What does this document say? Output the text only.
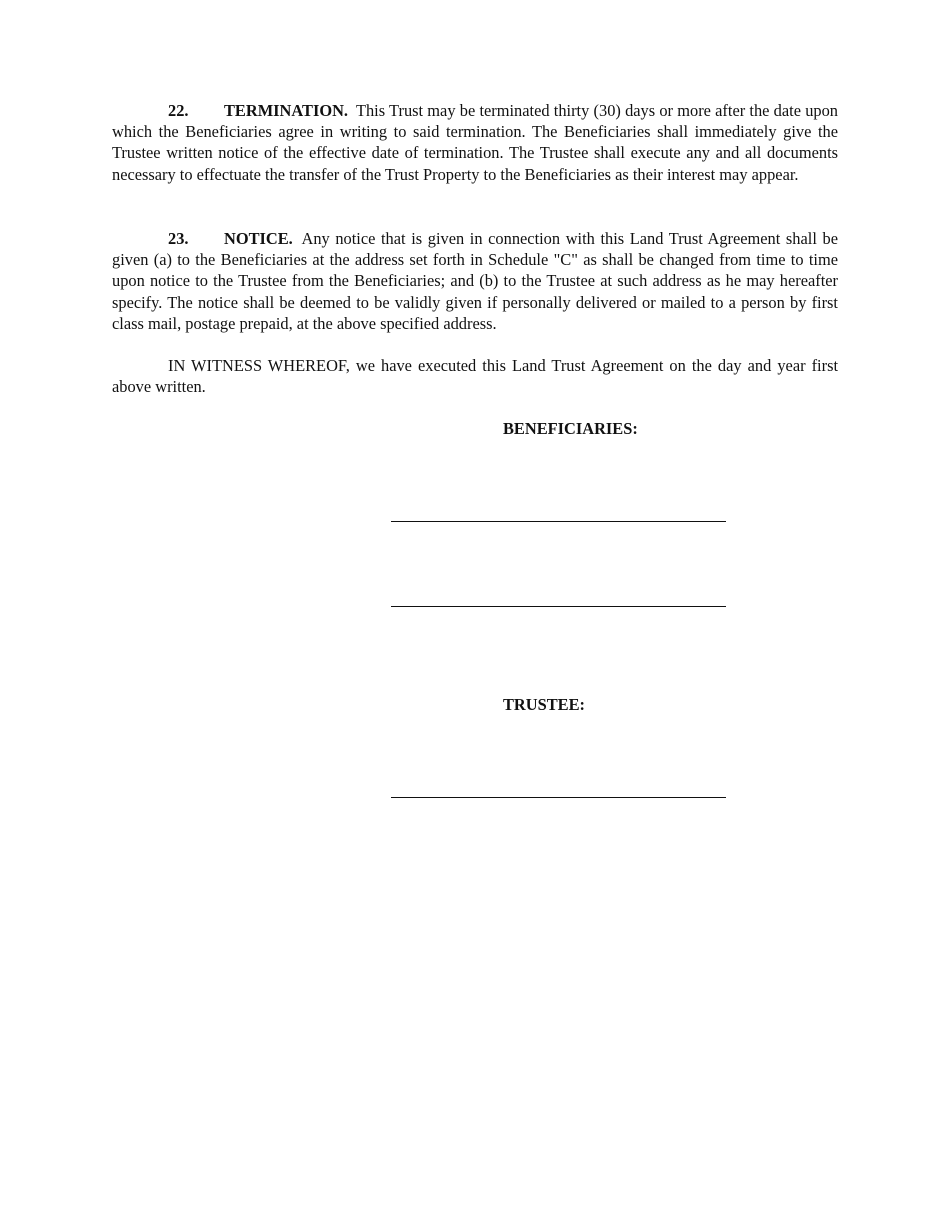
22. TERMINATION. This Trust may be terminated thirty (30) days or more after the date upon which the Beneficiaries agree in writing to said termination. The Beneficiaries shall immediately give the Trustee written notice of the effective date of termination. The Trustee shall execute any and all documents necessary to effectuate the transfer of the Trust Property to the Beneficiaries as their interest may appear.

23. NOTICE. Any notice that is given in connection with this Land Trust Agreement shall be given (a) to the Beneficiaries at the address set forth in Schedule "C" as shall be changed from time to time upon notice to the Trustee from the Beneficiaries; and (b) to the Trustee at such address as he may hereafter specify. The notice shall be deemed to be validly given if personally delivered or mailed to a person by first class mail, postage prepaid, at the above specified address.

IN WITNESS WHEREOF, we have executed this Land Trust Agreement on the day and year first above written.

BENEFICIARIES:

TRUSTEE:
